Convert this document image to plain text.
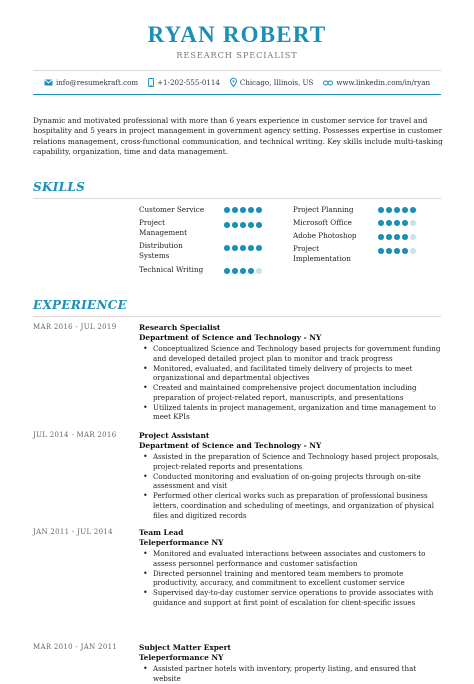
RYAN ROBERT
RESEARCH SPECIALIST
info@resumekraft.com	+1-202-555-0114	Chicago, Illinois, US	www.linkedin.com/in/ryan

Dynamic and motivated professional with more than 6 years experience in customer service for travel and hospitality and 5 years in project management in government agency setting. Possesses expertise in customer relations management, cross-functional communication, and technical writing. Key skills include multi-tasking capability, organization, time and data management.

SKILLS
Customer Service
Project Management
Distribution Systems
Technical Writing
Project Planning
Microsoft Office
Adobe Photoshop
Project Implementation
EXPERIENCE
MAR 2016 - JUL 2019	Research Specialist
Department of Science and Technology - NY
• Conceptualized Science and Technology based projects for government funding and developed detailed project plan to monitor and track progress
• Monitored, evaluated, and facilitated timely delivery of projects to meet organizational and departmental objectives
• Created and maintained comprehensive project documentation including preparation of project-related report, manuscripts, and presentations
• Utilized talents in project management, organization and time management to meet KPIs
JUL 2014 - MAR 2016	Project Assistant
Department of Science and Technology - NY
• Assisted in the preparation of Science and Technology based project proposals, project-related reports and presentations
• Conducted monitoring and evaluation of on-going projects through on-site assessment and visit
• Performed other clerical works such as preparation of professional business letters, coordination and scheduling of meetings, and organization of physical files and digitized records
JAN 2011 - JUL 2014	Team Lead
Teleperformance NY
• Monitored and evaluated interactions between associates and customers to assess personnel performance and customer satisfaction
• Directed personnel training and mentored team members to promote productivity, accuracy, and commitment to excellent customer service
• Supervised day-to-day customer service operations to provide associates with guidance and support at first point of escalation for client-specific issues
MAR 2010 - JAN 2011	Subject Matter Expert
Teleperformance NY
• Assisted partner hotels with inventory, property listing, and ensured that website
